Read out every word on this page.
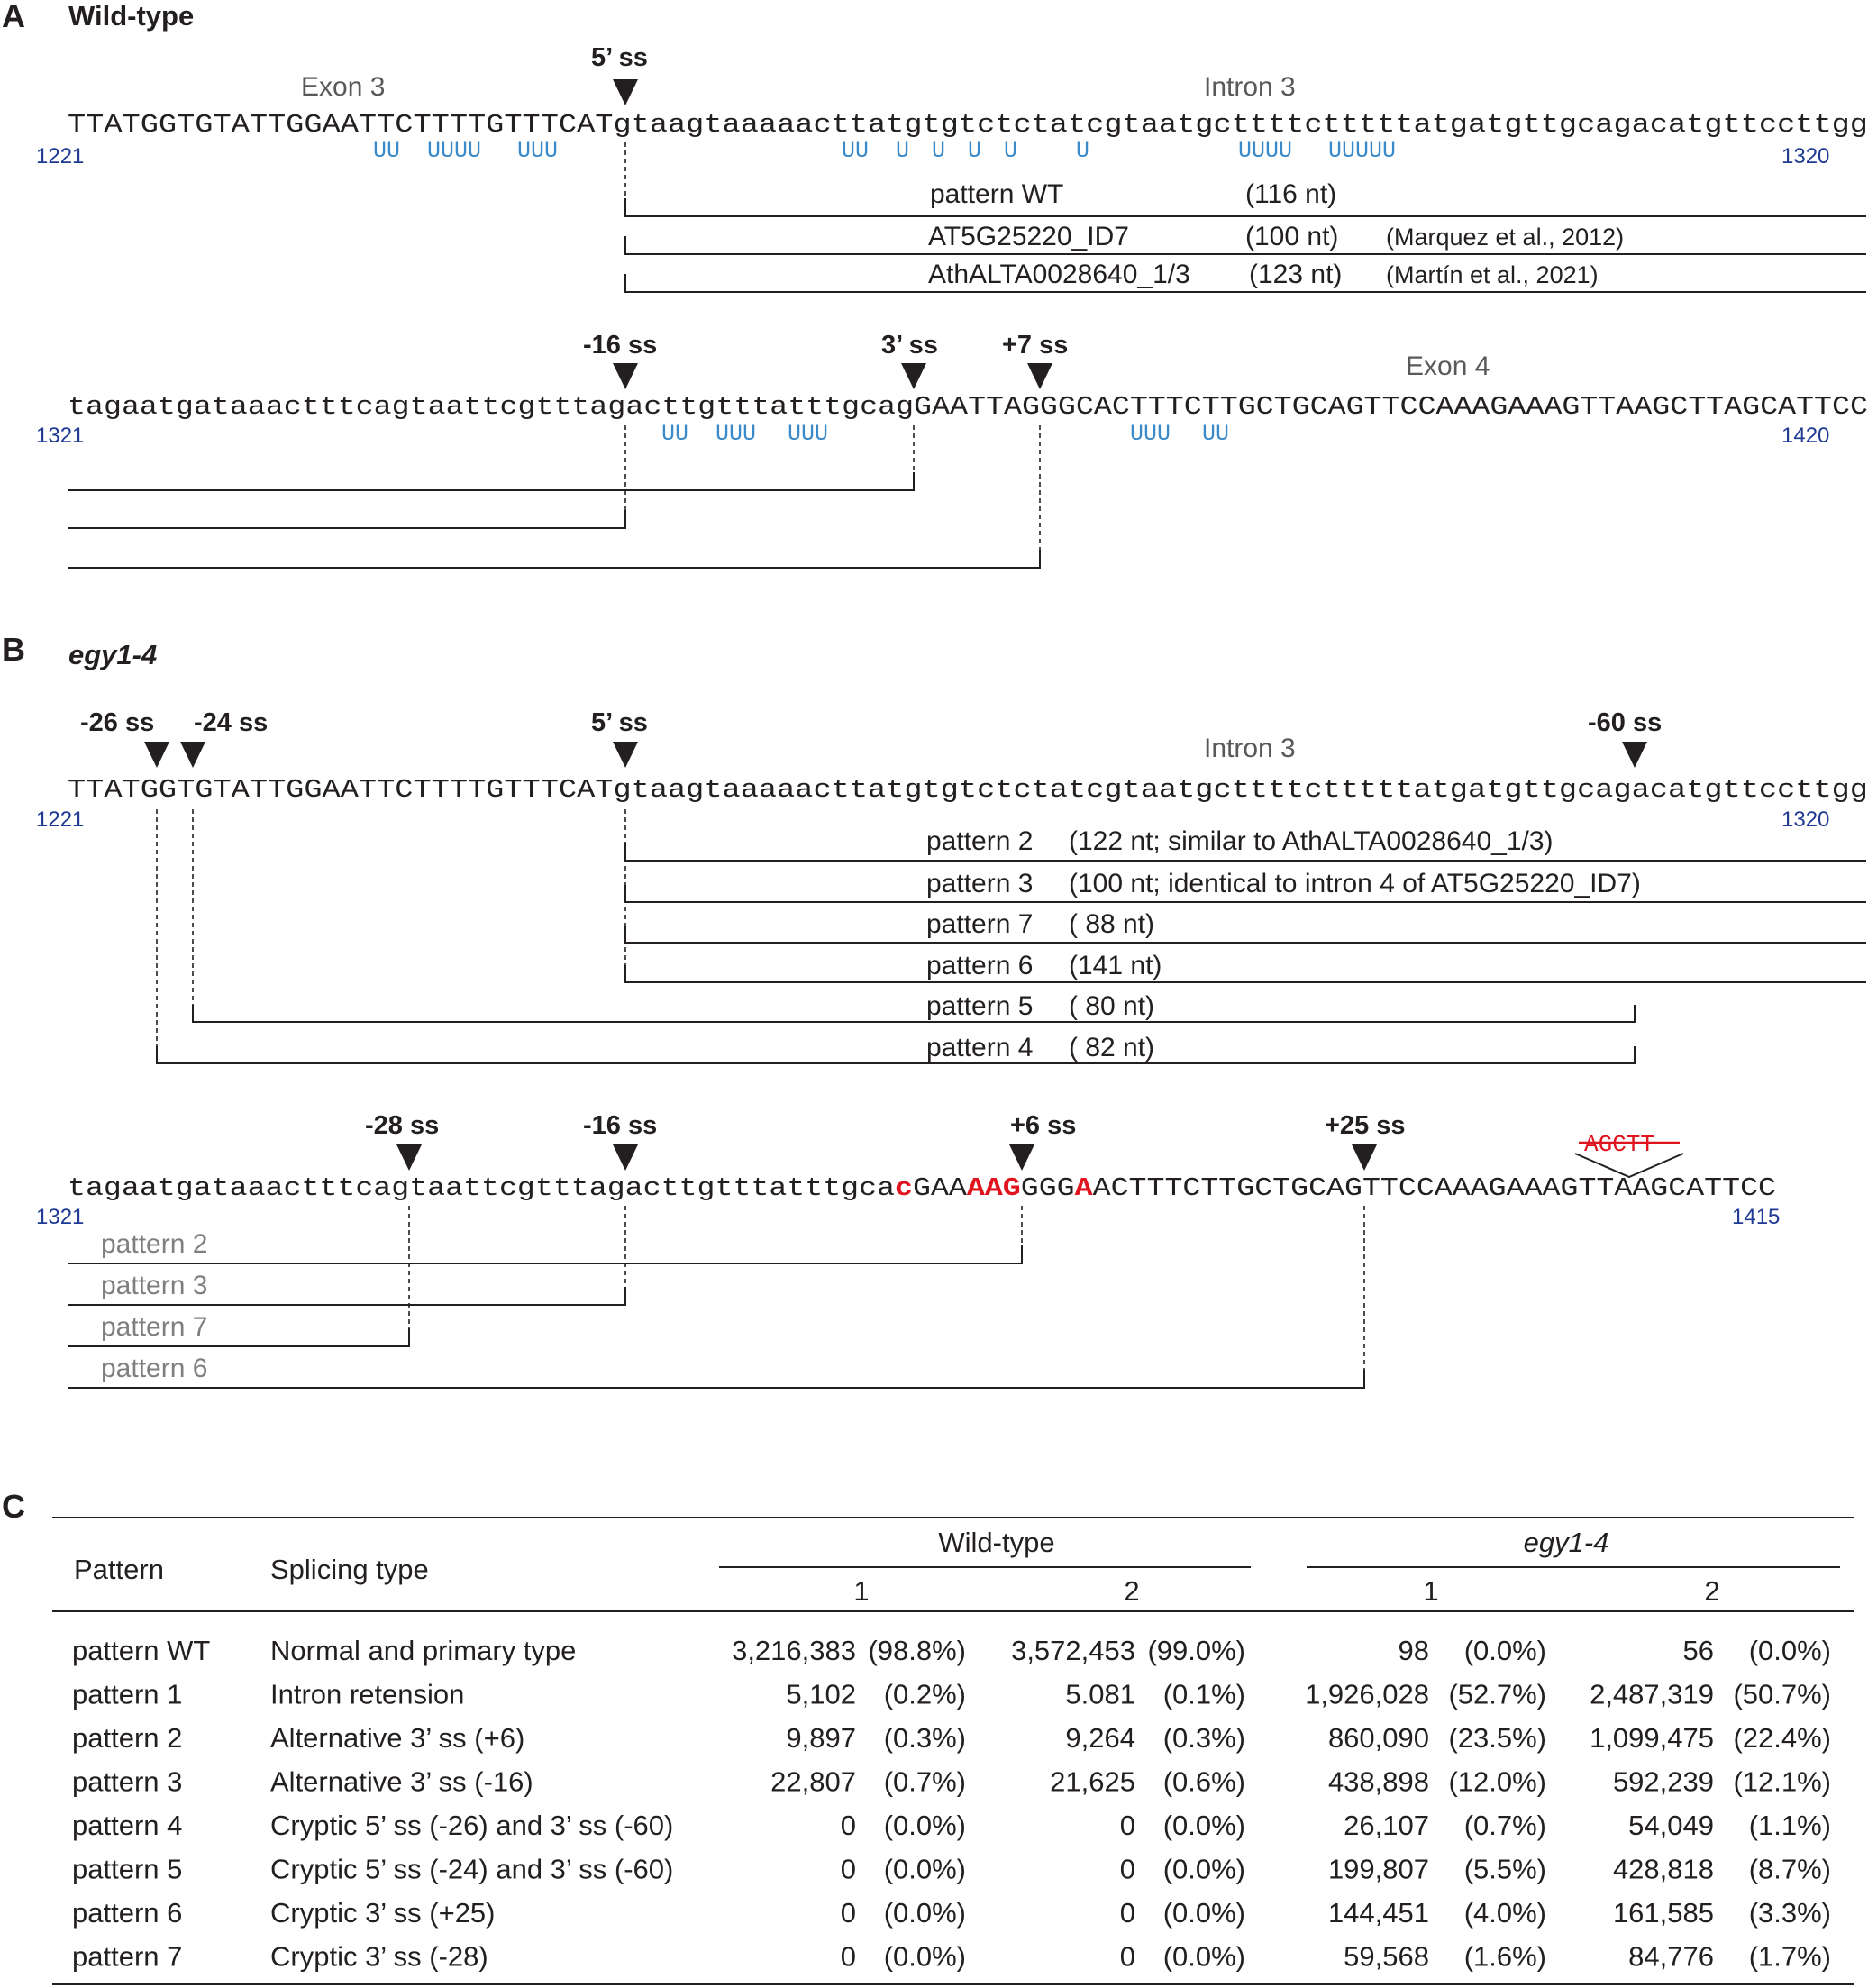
A Wild-type
Exon 3	Intron 3
5’ ss
TTATGGTGTATTGGAATTCTTTTGTTTCAT	gtaagtaaaaacttatgtgtctctatcgtaatgcttttctttttatgatgttgcagacatgttccttgg
1221	1320
UU UUUU UUU	UU U U U U	U	UUUU UUUUU
pattern WT	(116 nt)
AT5G25220_ID7	(100 nt) (Marquez et al., 2012)
AthALTA0028640_1/3 (123 nt) (Martín et al., 2021)
-16 ss	3’ ss +7 ss
Exon 4
tagaatgataaactttcagtaattcgtttagacttgtttatttgcag	GAATTAGGGCACTTTCTTGCTGCAGTTCCAAAGAAAGTTAAGCTTAGCATTCC
1321	1420
UU UUU UUU	UUU UU
B egy1-4
-26 ss -24 ss	5’ ss	-60 ss
Intron 3
TTATGGTGTATTGGAATTCTTTTGTTTCAT	gtaagtaaaaacttatgtgtctctatcgtaatgcttttctttttatgatgttgcagacatgttccttgg
1221	1320
pattern 2 (122 nt; similar to AthALTA0028640_1/3)
pattern 3 (100 nt; identical to intron 4 of AT5G25220_ID7)
pattern 7 ( 88 nt)
pattern 6 (141 nt)
pattern 5 ( 80 nt)
pattern 4 ( 82 nt)
-28 ss	-16 ss	+6 ss	+25 ss
AGCTT
tagaatgataaactttcagtaattcgtttagacttgtttatttgca	c GAA AAG GGG A ACTTTCTTGCTGCAGTTCCAAAGAAAGTTAAGCATTCC
1321	1415
pattern 2
pattern 3
pattern 7
pattern 6
C
Pattern	Splicing type
Wild-type	egy1-4
1	2	1	2
pattern WT Normal and primary type	3,216,383 (98.8%) 3,572,453 (99.0%)	98 (0.0%)	56 (0.0%)
pattern 1	Intron retension	5,102 (0.2%)	5.081 (0.1%) 1,926,028 (52.7%) 2,487,319 (50.7%)
pattern 2	Alternative 3’ ss (+6)	9,897 (0.3%)	9,264 (0.3%)	860,090 (23.5%) 1,099,475 (22.4%)
pattern 3	Alternative 3’ ss (-16)	22,807 (0.7%)	21,625 (0.6%)	438,898 (12.0%) 592,239 (12.1%)
pattern 4	Cryptic 5’ ss (-26) and 3’ ss (-60)	0 (0.0%)	0 (0.0%)	26,107 (0.7%)	54,049 (1.1%)
pattern 5	Cryptic 5’ ss (-24) and 3’ ss (-60)	0 (0.0%)	0 (0.0%)	199,807 (5.5%) 428,818 (8.7%)
pattern 6	Cryptic 3’ ss (+25)	0 (0.0%)	0 (0.0%)	144,451 (4.0%) 161,585 (3.3%)
pattern 7	Cryptic 3’ ss (-28)	0 (0.0%)	0 (0.0%)	59,568 (1.6%)	84,776 (1.7%)
